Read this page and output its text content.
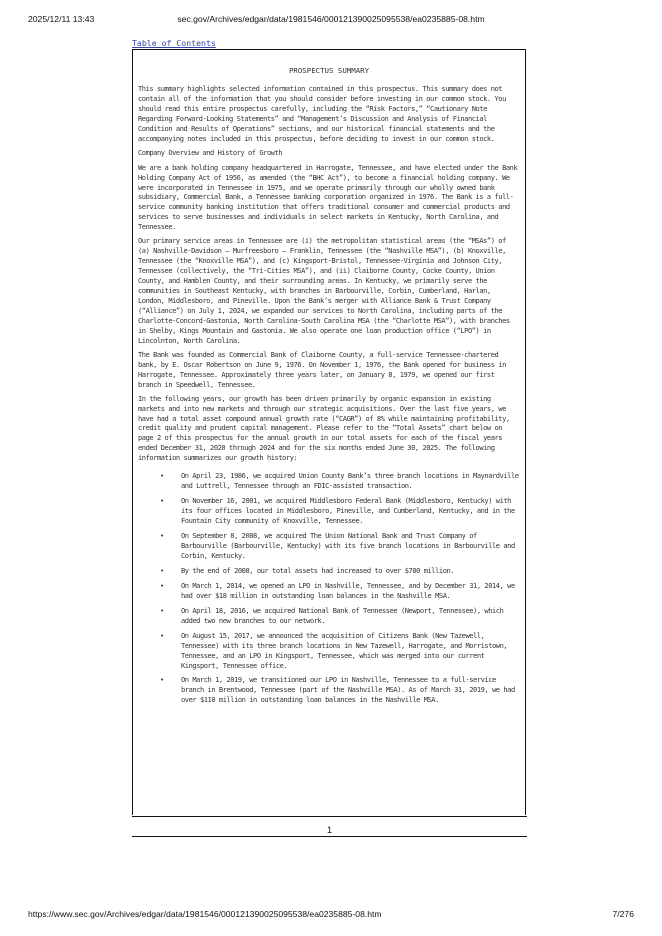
2025/12/11 13:43	sec.gov/Archives/edgar/data/1981546/000121390025095538/ea0235885-08.htm
Table of Contents
PROSPECTUS SUMMARY

This summary highlights selected information contained in this prospectus. This summary does not contain all of the information that you should consider before investing in our common stock. You should read this entire prospectus carefully, including the “Risk Factors,” “Cautionary Note Regarding Forward-Looking Statements” and “Management’s Discussion and Analysis of Financial Condition and Results of Operations” sections, and our historical financial statements and the accompanying notes included in this prospectus, before deciding to invest in our common stock.

Company Overview and History of Growth

We are a bank holding company headquartered in Harrogate, Tennessee, and have elected under the Bank Holding Company Act of 1956, as amended (the “BHC Act”), to become a financial holding company. We were incorporated in Tennessee in 1975, and we operate primarily through our wholly owned bank subsidiary, Commercial Bank, a Tennessee banking corporation organized in 1976. The Bank is a full-service community banking institution that offers traditional consumer and commercial products and services to serve businesses and individuals in select markets in Kentucky, North Carolina, and Tennessee.

Our primary service areas in Tennessee are (i) the metropolitan statistical areas (the “MSAs”) of (a) Nashville-Davidson — Murfreesboro — Franklin, Tennessee (the “Nashville MSA”), (b) Knoxville, Tennessee (the “Knoxville MSA”), and (c) Kingsport-Bristol, Tennessee-Virginia and Johnson City, Tennessee (collectively, the “Tri-Cities MSA”), and (ii) Claiborne County, Cocke County, Union County, and Hamblen County, and their surrounding areas. In Kentucky, we primarily serve the communities in Southeast Kentucky, with branches in Barbourville, Corbin, Cumberland, Harlan, London, Middlesboro, and Pineville. Upon the Bank’s merger with Alliance Bank & Trust Company (“Alliance”) on July 1, 2024, we expanded our services to North Carolina, including parts of the Charlotte-Concord-Gastonia, North Carolina-South Carolina MSA (the “Charlotte MSA”), with branches in Shelby, Kings Mountain and Gastonia. We also operate one loan production office (“LPO”) in Lincolnton, North Carolina.

The Bank was founded as Commercial Bank of Claiborne County, a full-service Tennessee-chartered bank, by E. Oscar Robertson on June 9, 1976. On November 1, 1976, the Bank opened for business in Harrogate, Tennessee. Approximately three years later, on January 8, 1979, we opened our first branch in Speedwell, Tennessee.

In the following years, our growth has been driven primarily by organic expansion in existing markets and into new markets and through our strategic acquisitions. Over the last five years, we have had a total asset compound annual growth rate (“CAGR”) of 8% while maintaining profitability, credit quality and prudent capital management. Please refer to the “Total Assets” chart below on page 2 of this prospectus for the annual growth in our total assets for each of the fiscal years ended December 31, 2020 through 2024 and for the six months ended June 30, 2025. The following information summarizes our growth history:

• On April 23, 1986, we acquired Union County Bank’s three branch locations in Maynardville and Luttrell, Tennessee through an FDIC-assisted transaction.
• On November 16, 2001, we acquired Middlesboro Federal Bank (Middlesboro, Kentucky) with its four offices located in Middlesboro, Pineville, and Cumberland, Kentucky, and in the Fountain City community of Knoxville, Tennessee.
• On September 8, 2008, we acquired The Union National Bank and Trust Company of Barbourville (Barbourville, Kentucky) with its five branch locations in Barbourville and Corbin, Kentucky.
• By the end of 2008, our total assets had increased to over $700 million.
• On March 1, 2014, we opened an LPO in Nashville, Tennessee, and by December 31, 2014, we had over $18 million in outstanding loan balances in the Nashville MSA.
• On April 18, 2016, we acquired National Bank of Tennessee (Newport, Tennessee), which added two new branches to our network.
• On August 15, 2017, we announced the acquisition of Citizens Bank (New Tazewell, Tennessee) with its three branch locations in New Tazewell, Harrogate, and Morristown, Tennessee, and an LPO in Kingsport, Tennessee, which was merged into our current Kingsport, Tennessee office.
• On March 1, 2019, we transitioned our LPO in Nashville, Tennessee to a full-service branch in Brentwood, Tennessee (part of the Nashville MSA). As of March 31, 2019, we had over $110 million in outstanding loan balances in the Nashville MSA.
1
https://www.sec.gov/Archives/edgar/data/1981546/000121390025095538/ea0235885-08.htm	7/276
